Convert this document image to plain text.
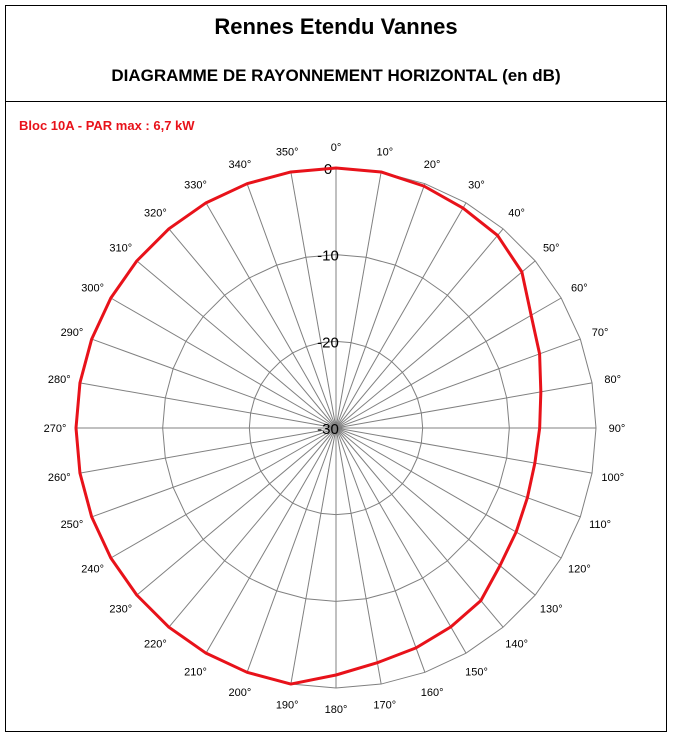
Rennes Etendu Vannes
DIAGRAMME DE RAYONNEMENT HORIZONTAL (en dB)
0°	10°
20°
30°
40°
50°
60°
70°
80°
90°
100°
110°
120°
130°
140°
150°
160°
170°
180°
190°
200°
210°
220°
230°
240°
250°
260°
270°
280°
290°
300°
310°
320°
330°
340°
350°
0
-10
-20
-30
Bloc 10A - PAR max : 6,7 kW
